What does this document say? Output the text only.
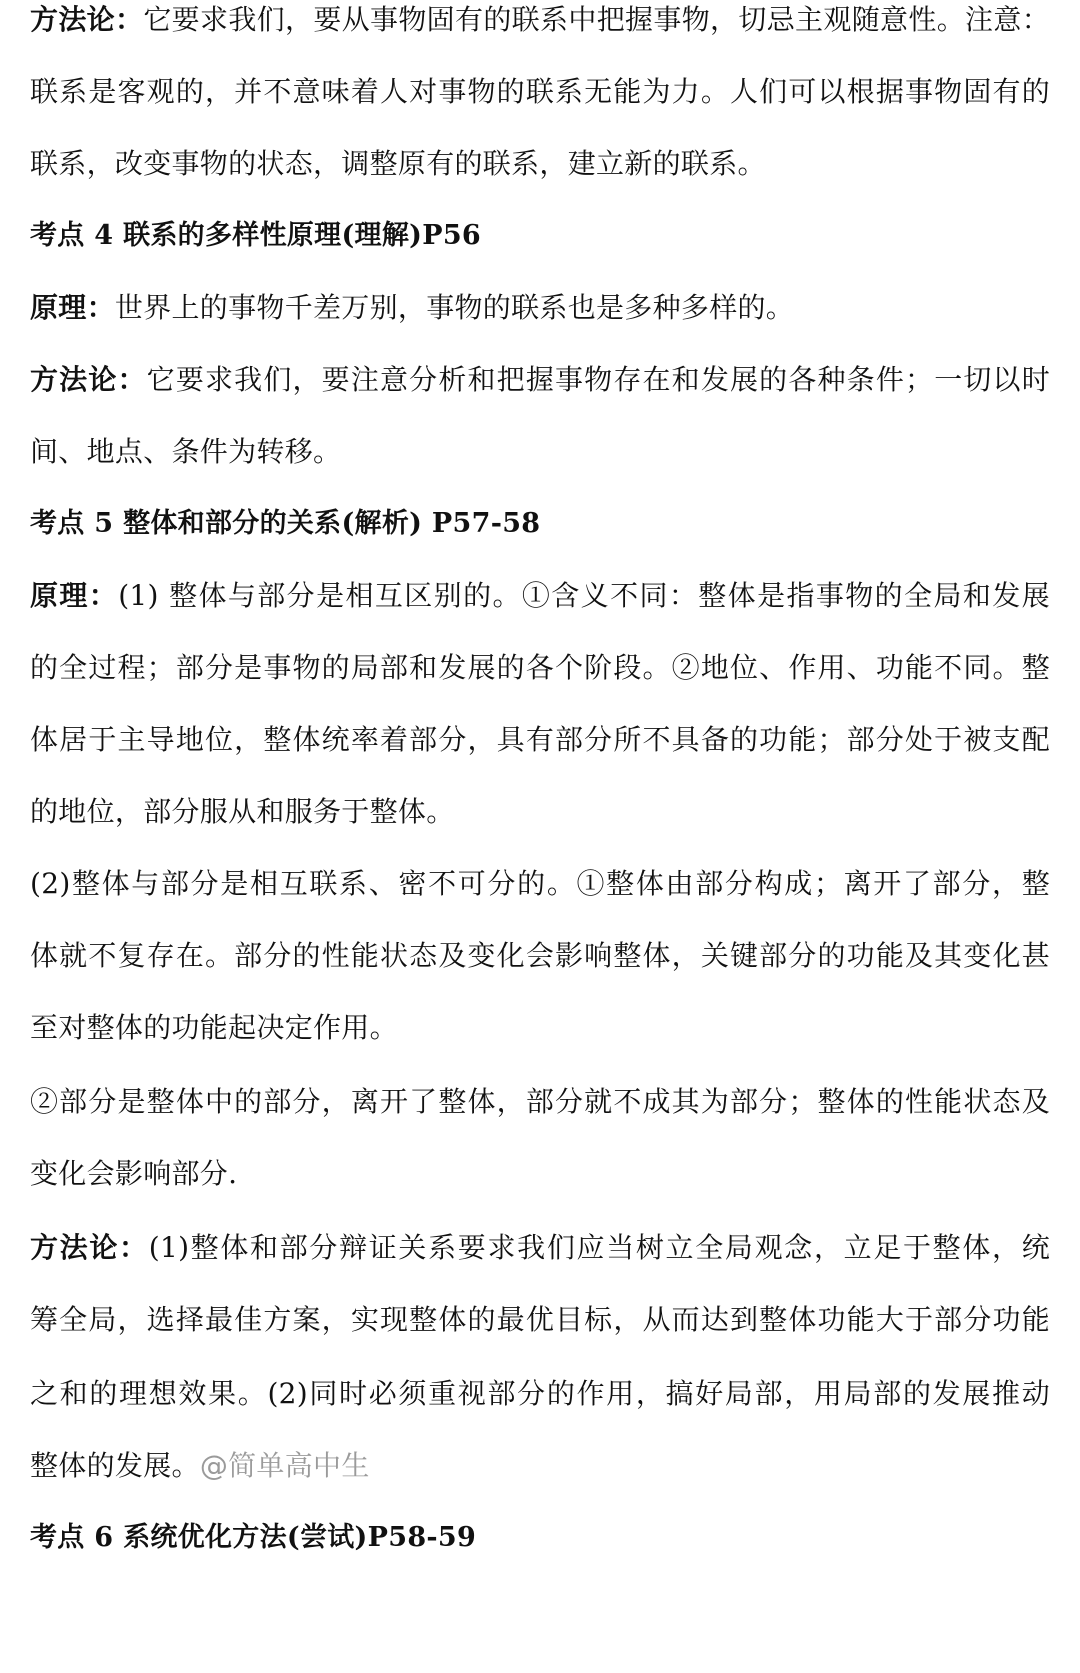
方法论：它要求我们，要从事物固有的联系中把握事物，切忌主观随意性。注意：
联系是客观的，并不意味着人对事物的联系无能为力。人们可以根据事物固有的
联系，改变事物的状态，调整原有的联系，建立新的联系。
考点 4 联系的多样性原理(理解)P56
原理：世界上的事物千差万别，事物的联系也是多种多样的。
方法论：它要求我们，要注意分析和把握事物存在和发展的各种条件；一切以时
间、地点、条件为转移。
考点 5 整体和部分的关系(解析) P57-58
原理：(1) 整体与部分是相互区别的。①含义不同：整体是指事物的全局和发展
的全过程；部分是事物的局部和发展的各个阶段。②地位、作用、功能不同。整
体居于主导地位，整体统率着部分，具有部分所不具备的功能；部分处于被支配
的地位，部分服从和服务于整体。
(2)整体与部分是相互联系、密不可分的。①整体由部分构成；离开了部分，整
体就不复存在。部分的性能状态及变化会影响整体，关键部分的功能及其变化甚
至对整体的功能起决定作用。
②部分是整体中的部分，离开了整体，部分就不成其为部分；整体的性能状态及
变化会影响部分.
方法论：(1)整体和部分辩证关系要求我们应当树立全局观念，立足于整体，统
筹全局，选择最佳方案，实现整体的最优目标，从而达到整体功能大于部分功能
之和的理想效果。(2)同时必须重视部分的作用，搞好局部，用局部的发展推动
整体的发展。@简单高中生
考点 6 系统优化方法(尝试)P58-59
